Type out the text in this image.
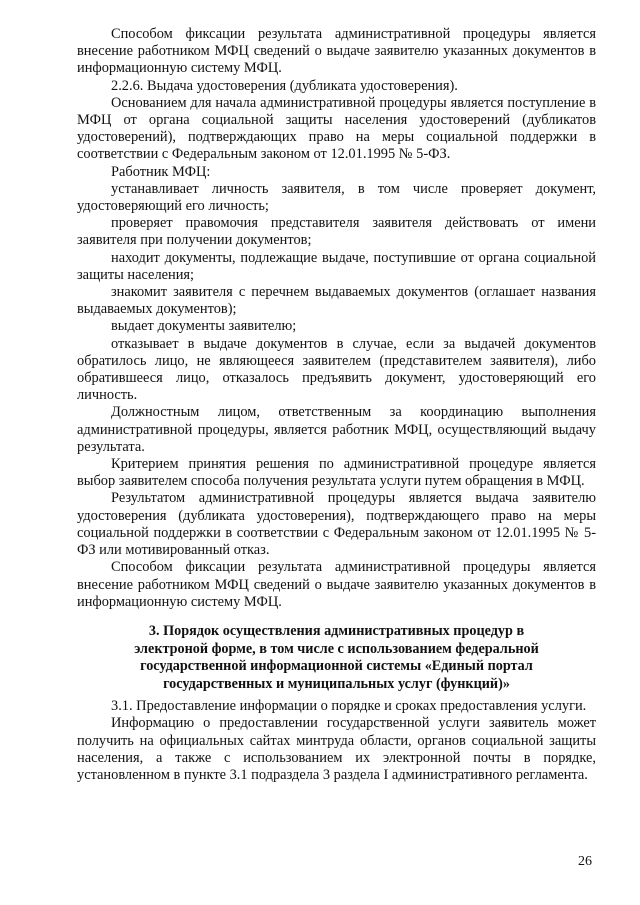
Способом фиксации результата административной процедуры является внесение работником МФЦ сведений о выдаче заявителю указанных документов в информационную систему МФЦ.

2.2.6. Выдача удостоверения (дубликата удостоверения).

Основанием для начала административной процедуры является поступление в МФЦ от органа социальной защиты населения удостоверений (дубликатов удостоверений), подтверждающих право на меры социальной поддержки в соответствии с Федеральным законом от 12.01.1995 № 5-ФЗ.

Работник МФЦ:

устанавливает личность заявителя, в том числе проверяет документ, удостоверяющий его личность;

проверяет правомочия представителя заявителя действовать от имени заявителя при получении документов;

находит документы, подлежащие выдаче, поступившие от органа социальной защиты населения;

знакомит заявителя с перечнем выдаваемых документов (оглашает названия выдаваемых документов);

выдает документы заявителю;

отказывает в выдаче документов в случае, если за выдачей документов обратилось лицо, не являющееся заявителем (представителем заявителя), либо обратившееся лицо, отказалось предъявить документ, удостоверяющий его личность.

Должностным лицом, ответственным за координацию выполнения административной процедуры, является работник МФЦ, осуществляющий выдачу результата.

Критерием принятия решения по административной процедуре является выбор заявителем способа получения результата услуги путем обращения в МФЦ.

Результатом административной процедуры является выдача заявителю удостоверения (дубликата удостоверения), подтверждающего право на меры социальной поддержки в соответствии с Федеральным законом от 12.01.1995 № 5-ФЗ или мотивированный отказ.

Способом фиксации результата административной процедуры является внесение работником МФЦ сведений о выдаче заявителю указанных документов в информационную систему МФЦ.

3. Порядок осуществления административных процедур в
электроной форме, в том числе с использованием федеральной
государственной информационной системы «Единый портал
государственных и муниципальных услуг (функций)»

3.1. Предоставление информации о порядке и сроках предоставления услуги.

Информацию о предоставлении государственной услуги заявитель может получить на официальных сайтах минтруда области, органов социальной защиты населения, а также с использованием их электронной почты в порядке, установленном в пункте 3.1 подраздела 3 раздела I административного регламента.

26
